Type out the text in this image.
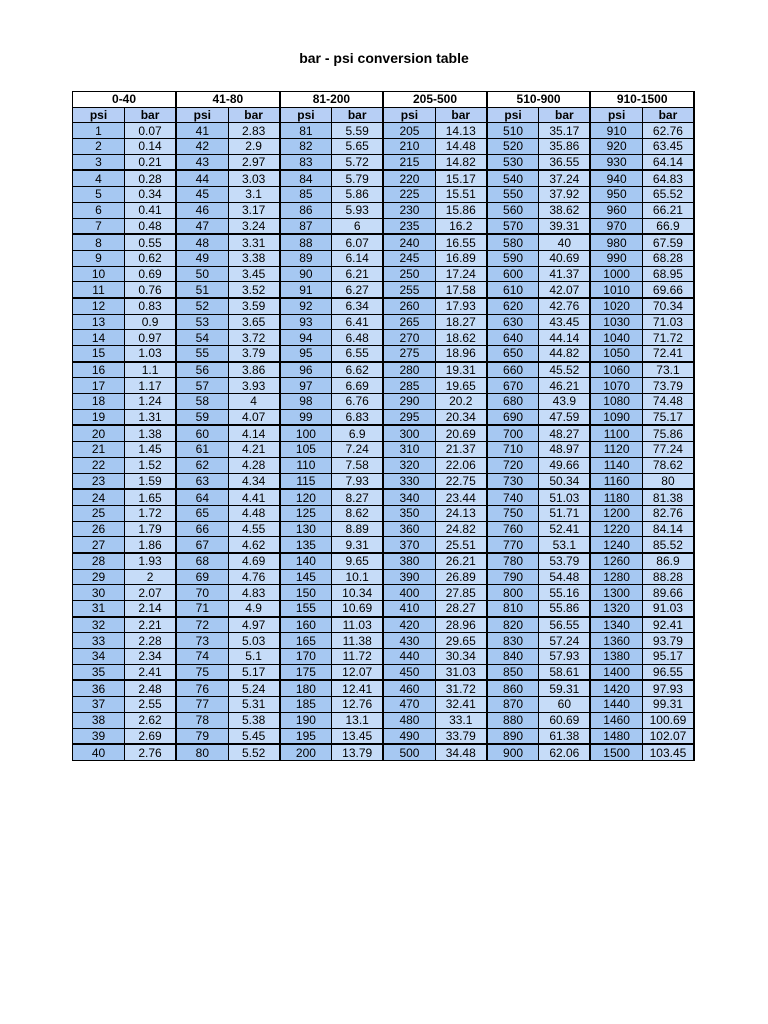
bar - psi conversion table
0-40		41-80		81-200		205-500		510-900		910-1500	
psi	bar	psi	bar	psi	bar	psi	bar	psi	bar	psi	bar
1	0.07	41	2.83	81	5.59	205	14.13	510	35.17	910	62.76
2	0.14	42	2.9	82	5.65	210	14.48	520	35.86	920	63.45
3	0.21	43	2.97	83	5.72	215	14.82	530	36.55	930	64.14
4	0.28	44	3.03	84	5.79	220	15.17	540	37.24	940	64.83
5	0.34	45	3.1	85	5.86	225	15.51	550	37.92	950	65.52
6	0.41	46	3.17	86	5.93	230	15.86	560	38.62	960	66.21
7	0.48	47	3.24	87	6	235	16.2	570	39.31	970	66.9
8	0.55	48	3.31	88	6.07	240	16.55	580	40	980	67.59
9	0.62	49	3.38	89	6.14	245	16.89	590	40.69	990	68.28
10	0.69	50	3.45	90	6.21	250	17.24	600	41.37	1000	68.95
11	0.76	51	3.52	91	6.27	255	17.58	610	42.07	1010	69.66
12	0.83	52	3.59	92	6.34	260	17.93	620	42.76	1020	70.34
13	0.9	53	3.65	93	6.41	265	18.27	630	43.45	1030	71.03
14	0.97	54	3.72	94	6.48	270	18.62	640	44.14	1040	71.72
15	1.03	55	3.79	95	6.55	275	18.96	650	44.82	1050	72.41
16	1.1	56	3.86	96	6.62	280	19.31	660	45.52	1060	73.1
17	1.17	57	3.93	97	6.69	285	19.65	670	46.21	1070	73.79
18	1.24	58	4	98	6.76	290	20.2	680	43.9	1080	74.48
19	1.31	59	4.07	99	6.83	295	20.34	690	47.59	1090	75.17
20	1.38	60	4.14	100	6.9	300	20.69	700	48.27	1100	75.86
21	1.45	61	4.21	105	7.24	310	21.37	710	48.97	1120	77.24
22	1.52	62	4.28	110	7.58	320	22.06	720	49.66	1140	78.62
23	1.59	63	4.34	115	7.93	330	22.75	730	50.34	1160	80
24	1.65	64	4.41	120	8.27	340	23.44	740	51.03	1180	81.38
25	1.72	65	4.48	125	8.62	350	24.13	750	51.71	1200	82.76
26	1.79	66	4.55	130	8.89	360	24.82	760	52.41	1220	84.14
27	1.86	67	4.62	135	9.31	370	25.51	770	53.1	1240	85.52
28	1.93	68	4.69	140	9.65	380	26.21	780	53.79	1260	86.9
29	2	69	4.76	145	10.1	390	26.89	790	54.48	1280	88.28
30	2.07	70	4.83	150	10.34	400	27.85	800	55.16	1300	89.66
31	2.14	71	4.9	155	10.69	410	28.27	810	55.86	1320	91.03
32	2.21	72	4.97	160	11.03	420	28.96	820	56.55	1340	92.41
33	2.28	73	5.03	165	11.38	430	29.65	830	57.24	1360	93.79
34	2.34	74	5.1	170	11.72	440	30.34	840	57.93	1380	95.17
35	2.41	75	5.17	175	12.07	450	31.03	850	58.61	1400	96.55
36	2.48	76	5.24	180	12.41	460	31.72	860	59.31	1420	97.93
37	2.55	77	5.31	185	12.76	470	32.41	870	60	1440	99.31
38	2.62	78	5.38	190	13.1	480	33.1	880	60.69	1460	100.69
39	2.69	79	5.45	195	13.45	490	33.79	890	61.38	1480	102.07
40	2.76	80	5.52	200	13.79	500	34.48	900	62.06	1500	103.45
